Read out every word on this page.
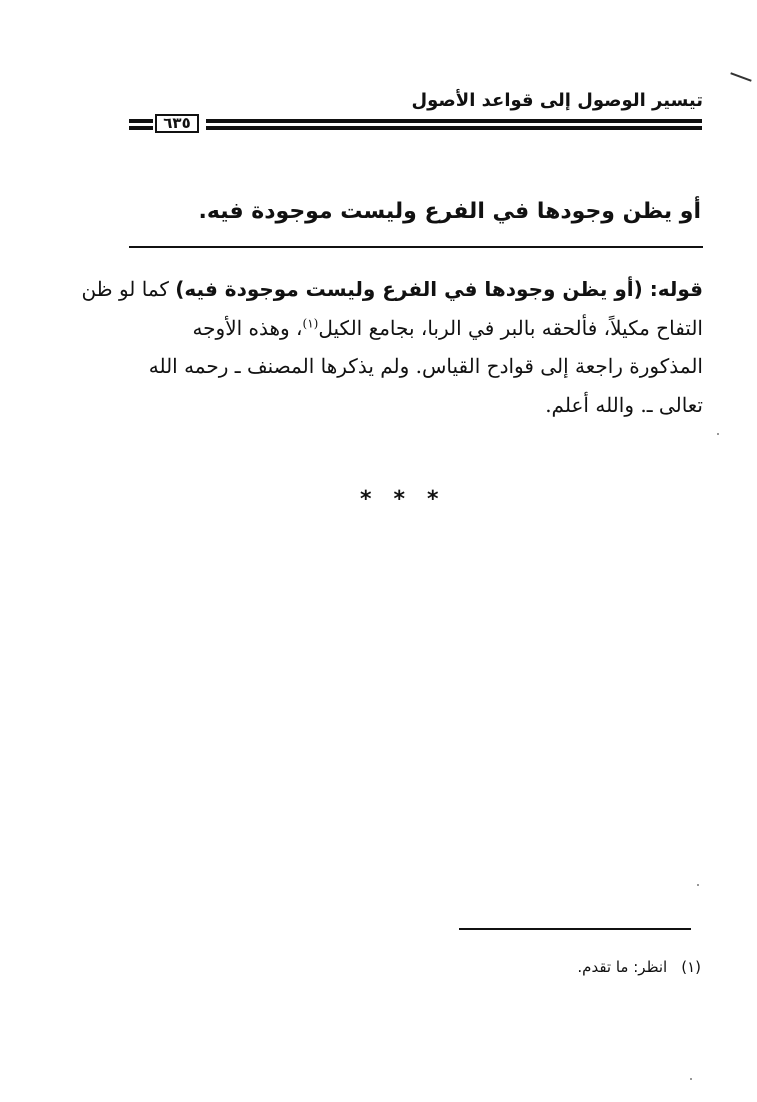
تيسير الوصول إلى قواعد الأصول
٦٣٥
أو يظن وجودها في الفرع وليست موجودة فيه.
قوله: (أو يظن وجودها في الفرع وليست موجودة فيه) كما لو ظن
التفاح مكيلاً، فألحقه بالبر في الربا، بجامع الكيل$^{(١)}$، وهذه الأوجه
المذكورة راجعة إلى قوادح القياس. ولم يذكرها المصنف ـ رحمه الله
تعالى ـ. والله أعلم.
***
(١)انظر: ما تقدم.
